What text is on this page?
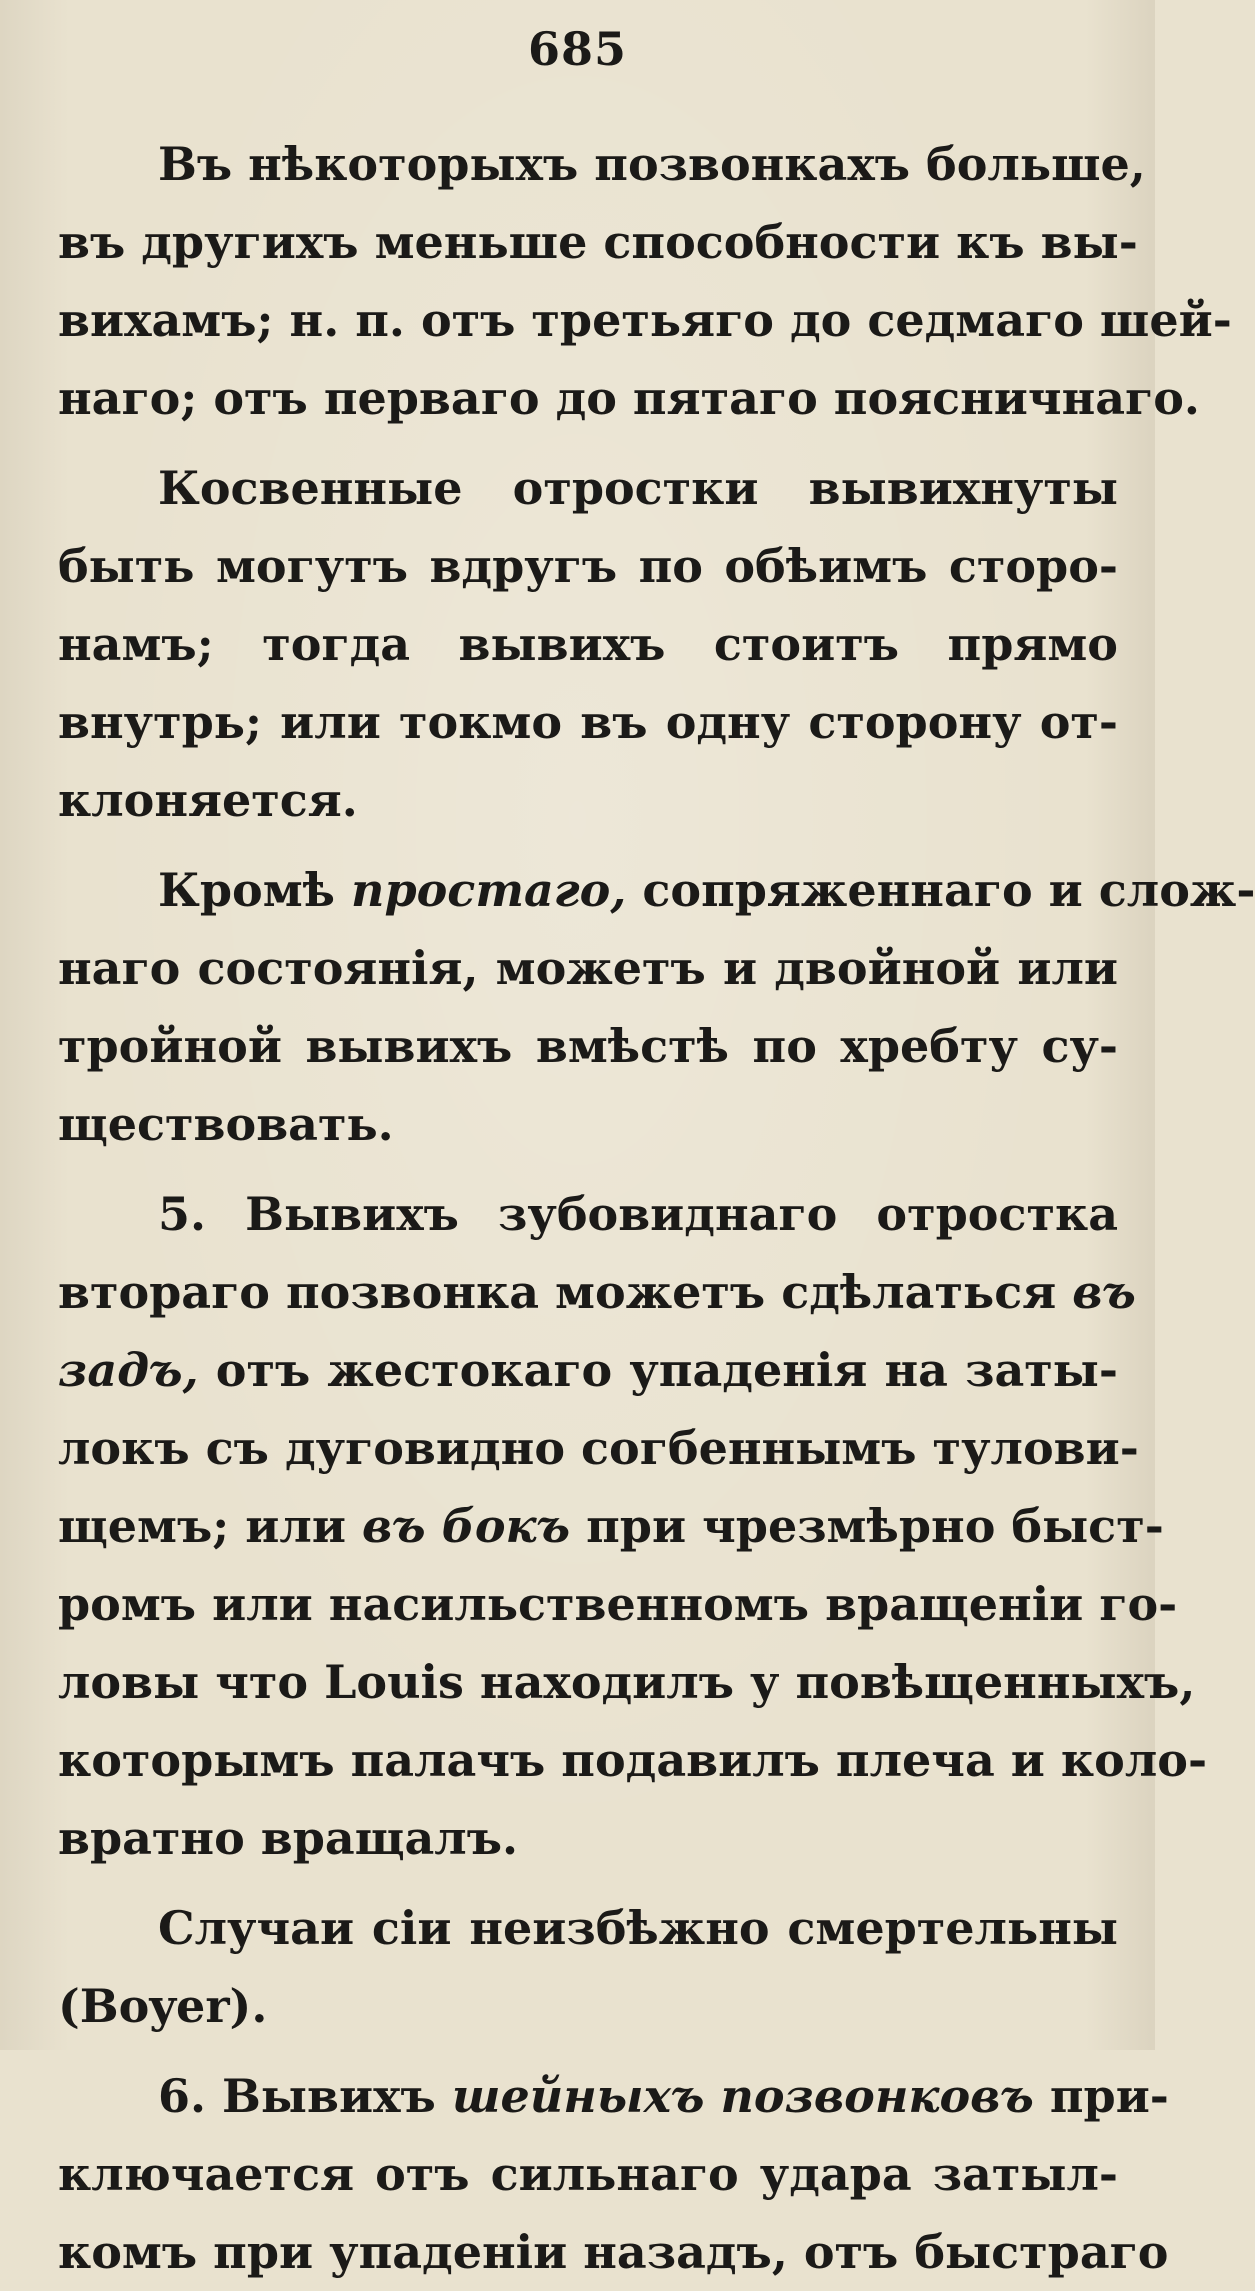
685
Въ нѣкоторыхъ позвонкахъ больше,
въ другихъ меньше способности къ вы-
вихамъ; н. п. отъ третьяго до седмаго шей-
наго; отъ перваго до пятаго поясничнаго.
Косвенные отростки вывихнуты
быть могутъ вдругъ по обѣимъ сторо-
намъ; тогда вывихъ стоитъ прямо
внутрь; или токмо въ одну сторону от-
клоняется.
Кромѣ простаго, сопряженнаго и слож-
наго состоянія, можетъ и двойной или
тройной вывихъ вмѣстѣ по хребту су-
ществовать.
5. Вывихъ зубовиднаго отростка
втораго позвонка можетъ сдѣлаться въ
задъ, отъ жестокаго упаденія на заты-
локъ съ дуговидно согбеннымъ тулови-
щемъ; или въ бокъ при чрезмѣрно быст-
ромъ или насильственномъ вращеніи го-
ловы что Louis находилъ у повѣщенныхъ,
которымъ палачъ подавилъ плеча и коло-
вратно вращалъ.
Случаи сіи неизбѣжно смертельны
(Boyer).
6. Вывихъ шейныхъ позвонковъ при-
ключается отъ сильнаго удара затыл-
комъ при упаденіи назадъ, отъ быстраго
